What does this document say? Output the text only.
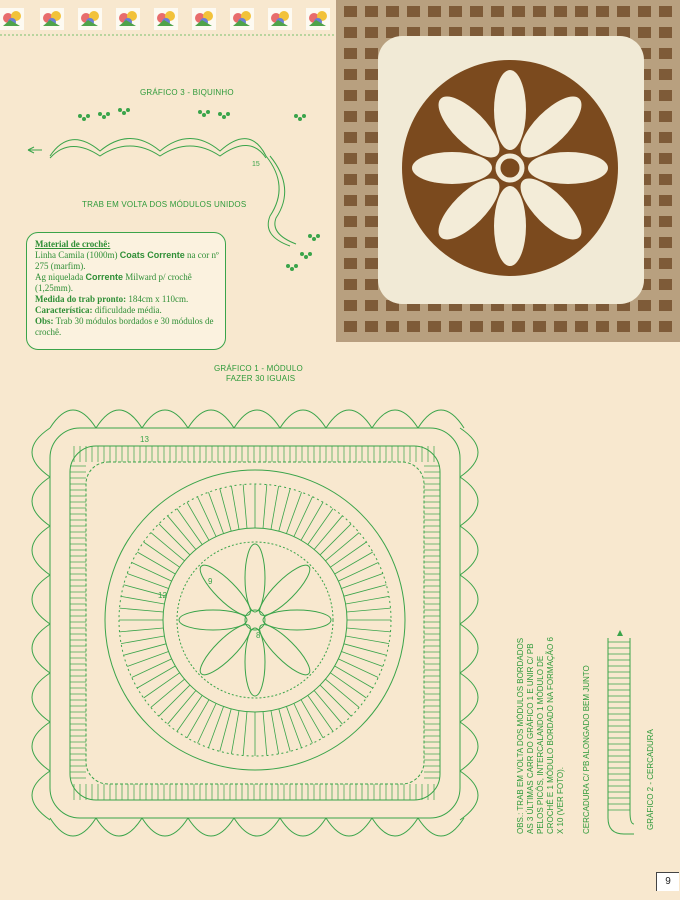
GRÁFICO 3 - BIQUINHO
15
TRAB EM VOLTA DOS MÓDULOS UNIDOS
Material de crochê:
Linha Camila (1000m) Coats Corrente na cor nº 275 (marfim).
Ag niquelada Corrente Milward p/ crochê (1,25mm).
Medida do trab pronto: 184cm x 110cm.
Característica: dificuldade média.
Obs: Trab 30 módulos bordados e 30 módulos de crochê.
GRÁFICO 1 - MÓDULO
FAZER 30 IGUAIS
12
9
8
13
OBS.: TRAB EM VOLTA DOS MÓDULOS BORDADOS AS 3 ÚLTIMAS CARR DO GRÁFICO 1 E UNIR C/ PB PELOS PICÔS, INTERCALANDO 1 MÓDULO DE CROCHÊ E 1 MÓDULO BORDADO NA FORMAÇÃO 6 X 10 (VER FOTO).	CERCADURA C/ PB ALONGADO BEM JUNTO	GRÁFICO 2 - CERCADURA
9
